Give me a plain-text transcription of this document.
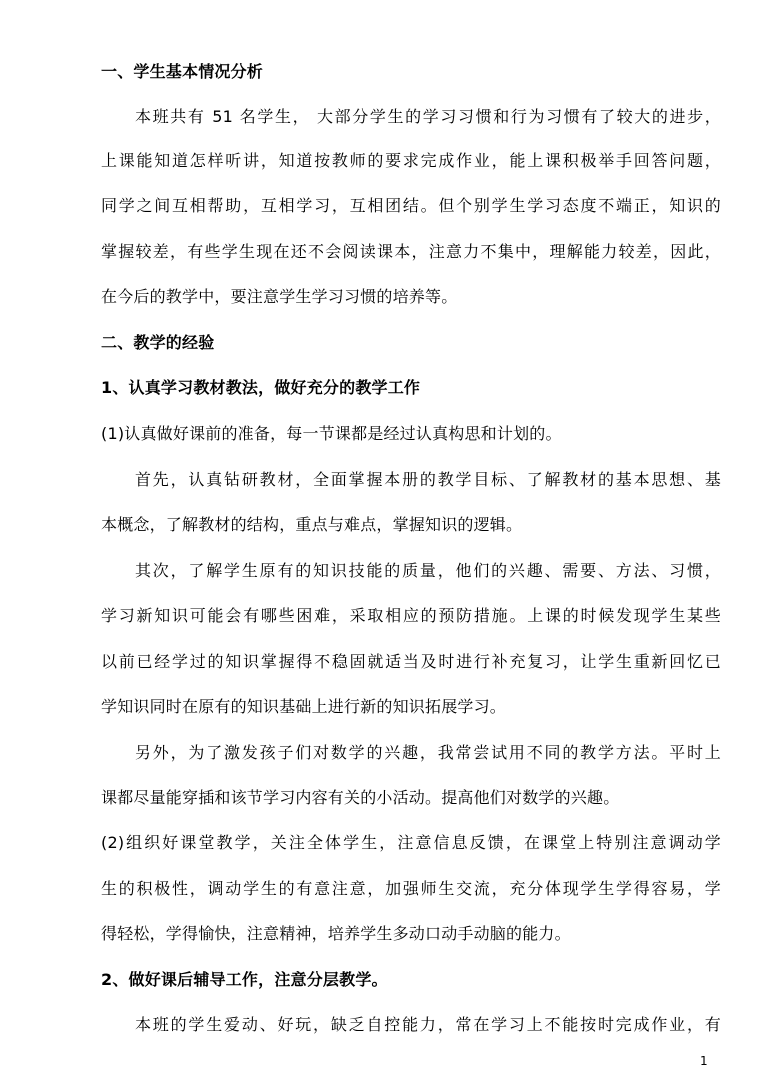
一、学生基本情况分析
本班共有 51 名学生， 大部分学生的学习习惯和行为习惯有了较大的进步，
上课能知道怎样听讲，知道按教师的要求完成作业，能上课积极举手回答问题，
同学之间互相帮助，互相学习，互相团结。但个别学生学习态度不端正，知识的
掌握较差，有些学生现在还不会阅读课本，注意力不集中，理解能力较差，因此，
在今后的教学中，要注意学生学习习惯的培养等。
二、教学的经验
1、认真学习教材教法，做好充分的教学工作
(1)认真做好课前的准备，每一节课都是经过认真构思和计划的。
首先，认真钻研教材，全面掌握本册的教学目标、了解教材的基本思想、基
本概念，了解教材的结构，重点与难点，掌握知识的逻辑。
其次，了解学生原有的知识技能的质量，他们的兴趣、需要、方法、习惯，
学习新知识可能会有哪些困难，采取相应的预防措施。上课的时候发现学生某些
以前已经学过的知识掌握得不稳固就适当及时进行补充复习，让学生重新回忆已
学知识同时在原有的知识基础上进行新的知识拓展学习。
另外，为了激发孩子们对数学的兴趣，我常尝试用不同的教学方法。平时上
课都尽量能穿插和该节学习内容有关的小活动。提高他们对数学的兴趣。
(2)组织好课堂教学，关注全体学生，注意信息反馈，在课堂上特别注意调动学
生的积极性，调动学生的有意注意，加强师生交流，充分体现学生学得容易，学
得轻松，学得愉快，注意精神，培养学生多动口动手动脑的能力。
2、做好课后辅导工作，注意分层教学。
本班的学生爱动、好玩，缺乏自控能力，常在学习上不能按时完成作业，有
1
